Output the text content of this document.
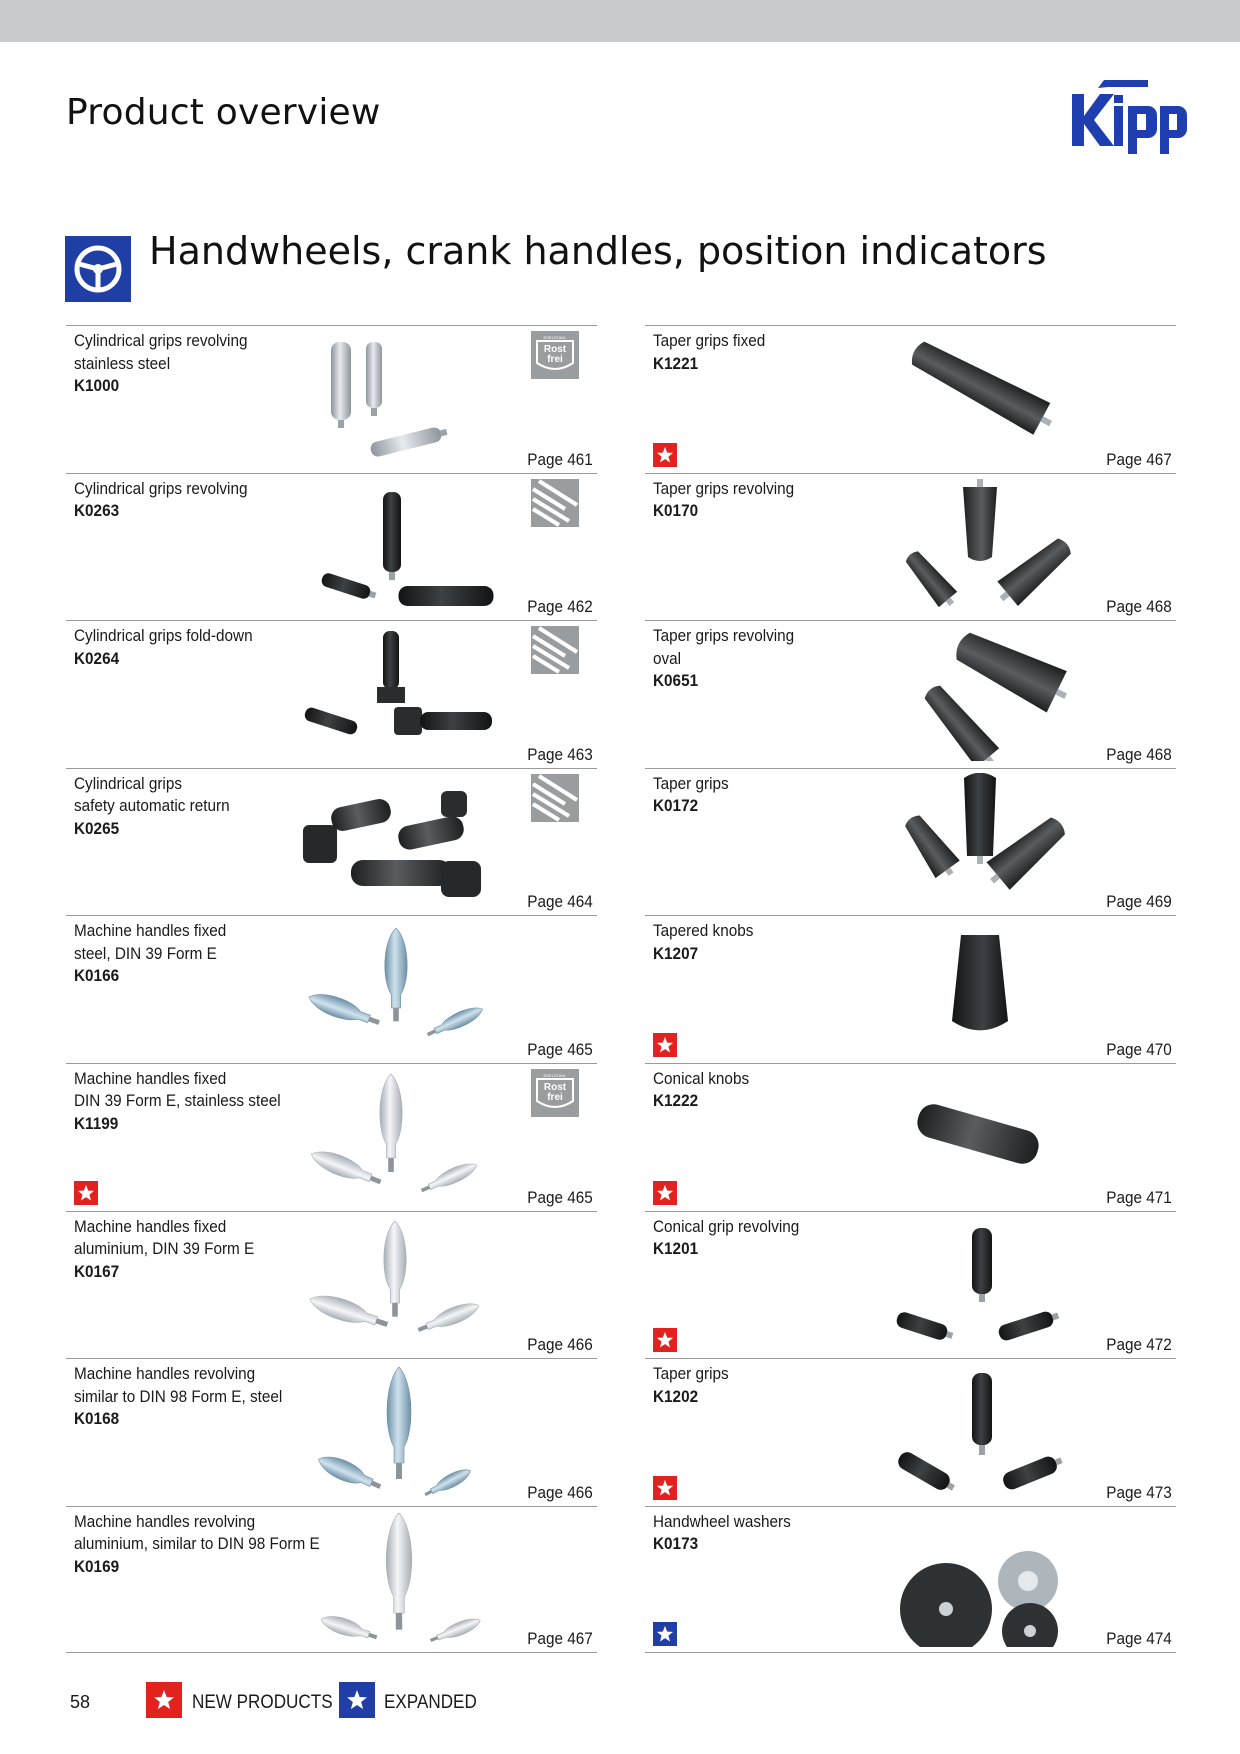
Product overview
Handwheels, crank handles, position indicators
Cylindrical grips revolving
stainless steel
K1000
EDELSTAHL
Rost
frei
Page 461
Cylindrical grips revolving
K0263
Page 462
Cylindrical grips fold-down
K0264
Page 463
Cylindrical grips
safety automatic return
K0265
Page 464
Machine handles fixed
steel, DIN 39 Form E
K0166
Page 465
Machine handles fixed
DIN 39 Form E, stainless steel
K1199
EDELSTAHL
Rost
frei
Page 465
Machine handles fixed
aluminium, DIN 39 Form E
K0167
Page 466
Machine handles revolving
similar to DIN 98 Form E, steel
K0168
Page 466
Machine handles revolving
aluminium, similar to DIN 98 Form E
K0169
Page 467
Taper grips fixed
K1221
Page 467
Taper grips revolving
K0170
Page 468
Taper grips revolving
oval
K0651
Page 468
Taper grips
K0172
Page 469
Tapered knobs
K1207
Page 470
Conical knobs
K1222
Page 471
Conical grip revolving
K1201
Page 472
Taper grips
K1202
Page 473
Handwheel washers
K0173
Page 474
58	NEW PRODUCTS	EXPANDED
